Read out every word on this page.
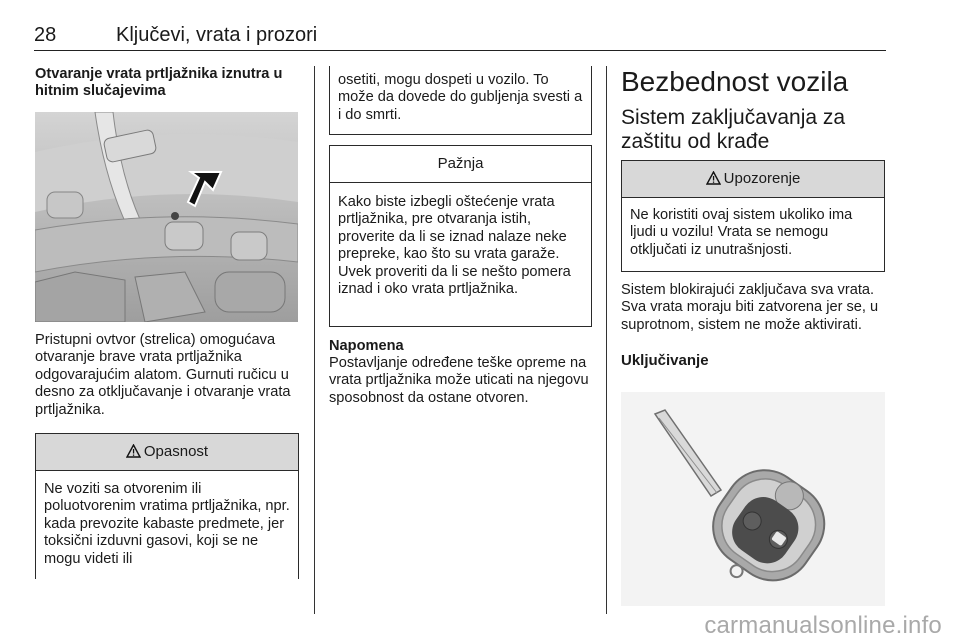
28	Ključevi, vrata i prozori

Otvaranje vrata prtljažnika iznutra u hitnim slučajevima

Pristupni ovtvor (strelica) omogućava otvaranje brave vrata prtljažnika odgovarajućim alatom. Gurnuti ručicu u desno za otključavanje i otvaranje vrata prtljažnika.

Opasnost
Ne voziti sa otvorenim ili poluotvorenim vratima prtljažnika, npr. kada prevozite kabaste predmete, jer toksični izduvni gasovi, koji se ne mogu videti ili
osetiti, mogu dospeti u vozilo. To može da dovede do gubljenja svesti a i do smrti.
Pažnja
Kako biste izbegli oštećenje vrata prtljažnika, pre otvaranja istih, proverite da li se iznad nalaze neke prepreke, kao što su vrata garaže. Uvek proveriti da li se nešto pomera iznad i oko vrata prtljažnika.

Napomena

Postavljanje određene teške opreme na vrata prtljažnika može uticati na njegovu sposobnost da ostane otvoren.

Bezbednost vozila
Sistem zaključavanja za zaštitu od krađe
Upozorenje
Ne koristiti ovaj sistem ukoliko ima ljudi u vozilu! Vrata se nemogu otključati iz unutrašnjosti.

Sistem blokirajući zaključava sva vrata. Sva vrata moraju biti zatvorena jer se, u suprotnom, sistem ne može aktivirati.

Uključivanje

carmanualsonline.info
